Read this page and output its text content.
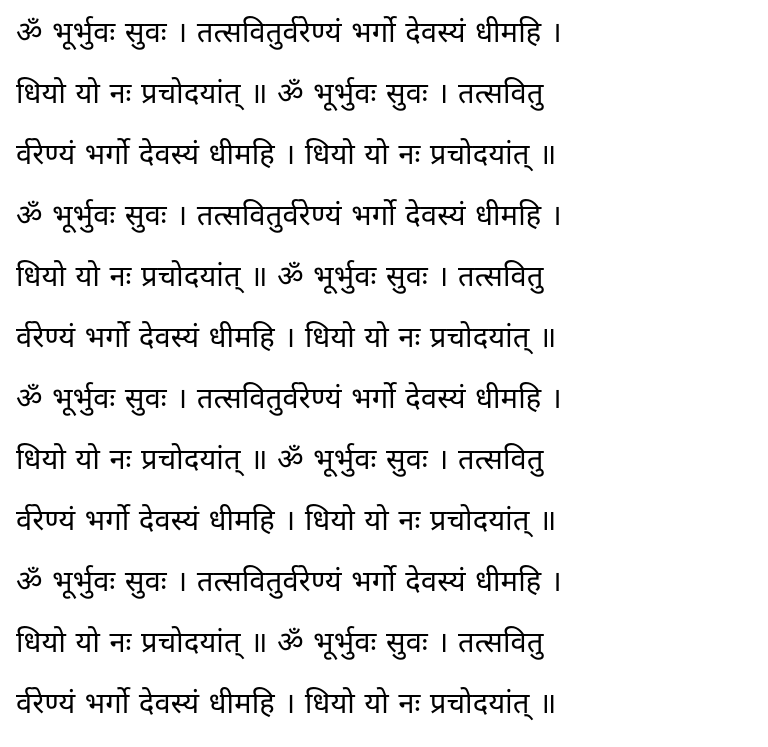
ॐ भूर्भुवः सुवः । तत्सवितुर्वरेण्यं भर्गो देवस्यं धीमहि ।
धियो यो नः प्रचोदयांत् ॥ ॐ भूर्भुवः सुवः । तत्सवितु
र्वरेण्यं भर्गो देवस्यं धीमहि । धियो यो नः प्रचोदयांत् ॥
ॐ भूर्भुवः सुवः । तत्सवितुर्वरेण्यं भर्गो देवस्यं धीमहि ।
धियो यो नः प्रचोदयांत् ॥ ॐ भूर्भुवः सुवः । तत्सवितु
र्वरेण्यं भर्गो देवस्यं धीमहि । धियो यो नः प्रचोदयांत् ॥
ॐ भूर्भुवः सुवः । तत्सवितुर्वरेण्यं भर्गो देवस्यं धीमहि ।
धियो यो नः प्रचोदयांत् ॥ ॐ भूर्भुवः सुवः । तत्सवितु
र्वरेण्यं भर्गो देवस्यं धीमहि । धियो यो नः प्रचोदयांत् ॥
ॐ भूर्भुवः सुवः । तत्सवितुर्वरेण्यं भर्गो देवस्यं धीमहि ।
धियो यो नः प्रचोदयांत् ॥ ॐ भूर्भुवः सुवः । तत्सवितु
र्वरेण्यं भर्गो देवस्यं धीमहि । धियो यो नः प्रचोदयांत् ॥
